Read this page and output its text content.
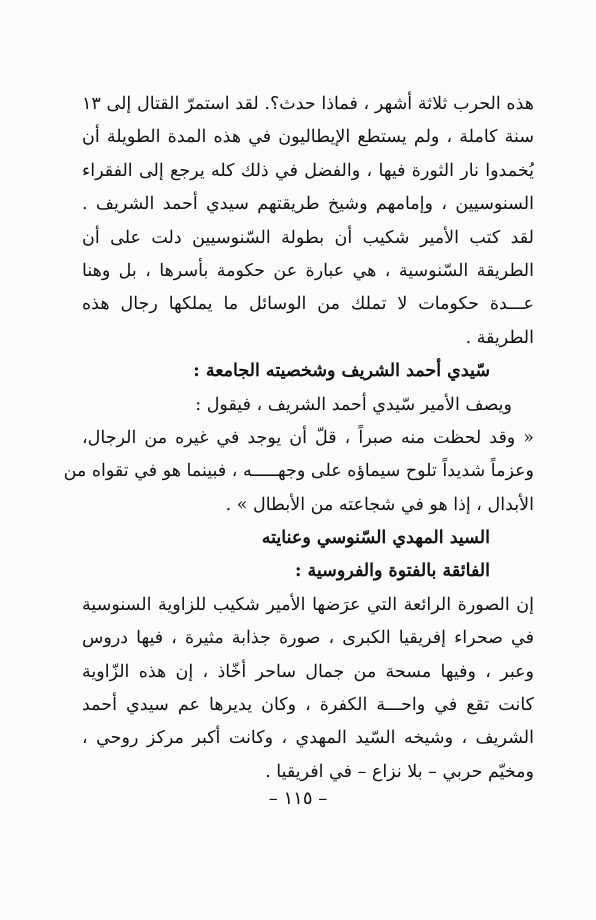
هذه الحرب ثلاثة أشهر ، فماذا حدث؟. لقد استمرّ القتال إلى ١٣
سنة كاملة ، ولم يستطع الإيطاليون في هذه المدة الطويلة أن
يُخمدوا نار الثورة فيها ، والفضل في ذلك كله يرجع إلى الفقراء
السنوسيين ، وإمامهم وشيخ طريقتهم سيدي أحمد الشريف .
لقد كتب الأمير شكيب أن بطولة السّنوسيين دلت على أن
الطريقة السّنوسية ، هي عبارة عن حكومة بأسرها ، بل وهنا
عـــدة حكومات لا تملك من الوسائل ما يملكها رجال هذه
الطريقة .
سّيدي أحمد الشريف وشخصيته الجامعة :
ويصف الأمير سّيدي أحمد الشريف ، فيقول :
« وقد لحظت منه صبراً ، قلّ أن يوجد في غيره من الرجال،
وعزماً شديداً تلوح سيماؤه على وجهـــــه ، فبينما هو في تقواه من
الأبدال ، إذا هو في شجاعته من الأبطال » .
السيد المهدي السّنوسي وعنايته
الفائقة بالفتوة والفروسية :
إن الصورة الرائعة التي عرَضها الأمير شكيب للزاوية السنوسية
في صحراء إفريقيا الكبرى ، صورة جذابة مثيرة ، فيها دروس
وعبر ، وفيها مسحة من جمال ساحر أخّاذ ، إن هذه الزّاوية
كانت تقع في واحـــة الكفرة ، وكان يديرها عم سيدي أحمد
الشريف ، وشيخه السّيد المهدي ، وكانت أكبر مركز روحي ،
ومخيّم حربي – بلا نزاع – في افريقيا .
– ١١٥ –
